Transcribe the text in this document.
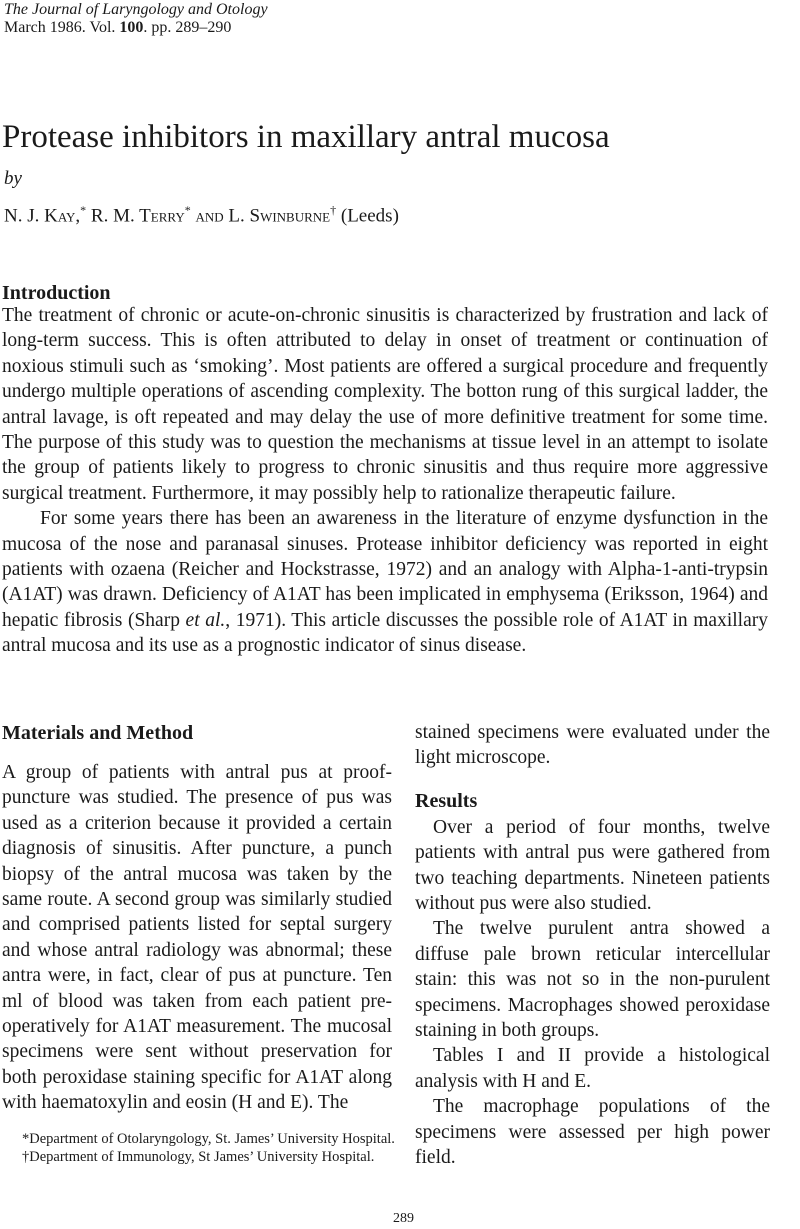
The Journal of Laryngology and Otology
March 1986. Vol. 100. pp. 289–290
Protease inhibitors in maxillary antral mucosa
by
N. J. Kay,* R. M. Terry* and L. Swinburne† (Leeds)
Introduction

The treatment of chronic or acute-on-chronic sinusitis is characterized by frustration and lack of long-term success. This is often attributed to delay in onset of treatment or continuation of noxious stimuli such as ‘smoking’. Most patients are offered a surgical procedure and frequently undergo multiple operations of ascending complexity. The botton rung of this surgical ladder, the antral lavage, is oft repeated and may delay the use of more definitive treatment for some time. The purpose of this study was to question the mechanisms at tissue level in an attempt to isolate the group of patients likely to progress to chronic sinusitis and thus require more aggressive surgical treatment. Furthermore, it may possibly help to rationalize therapeutic failure.

For some years there has been an awareness in the literature of enzyme dysfunction in the mucosa of the nose and paranasal sinuses. Protease inhibitor deficiency was reported in eight patients with ozaena (Reicher and Hockstrasse, 1972) and an analogy with Alpha-1-anti-trypsin (A1AT) was drawn. Deficiency of A1AT has been implicated in emphysema (Eriksson, 1964) and hepatic fibrosis (Sharp et al., 1971). This article discusses the possible role of A1AT in maxillary antral mucosa and its use as a prognostic indicator of sinus disease.

Materials and Method

A group of patients with antral pus at proof-puncture was studied. The presence of pus was used as a criterion because it provided a certain diagnosis of sinusitis. After puncture, a punch biopsy of the antral mucosa was taken by the same route. A second group was similarly studied and comprised patients listed for septal surgery and whose antral radiology was abnormal; these antra were, in fact, clear of pus at puncture. Ten ml of blood was taken from each patient pre-operatively for A1AT measurement. The mucosal specimens were sent without preservation for both peroxidase staining specific for A1AT along with haematoxylin and eosin (H and E). The

stained specimens were evaluated under the light microscope.

Results

Over a period of four months, twelve patients with antral pus were gathered from two teaching departments. Nineteen patients without pus were also studied.

The twelve purulent antra showed a diffuse pale brown reticular intercellular stain: this was not so in the non-purulent specimens. Macrophages showed peroxidase staining in both groups.

Tables I and II provide a histological analysis with H and E.

The macrophage populations of the specimens were assessed per high power field.

*Department of Otolaryngology, St. James’ University Hospital.
†Department of Immunology, St James’ University Hospital.
289
